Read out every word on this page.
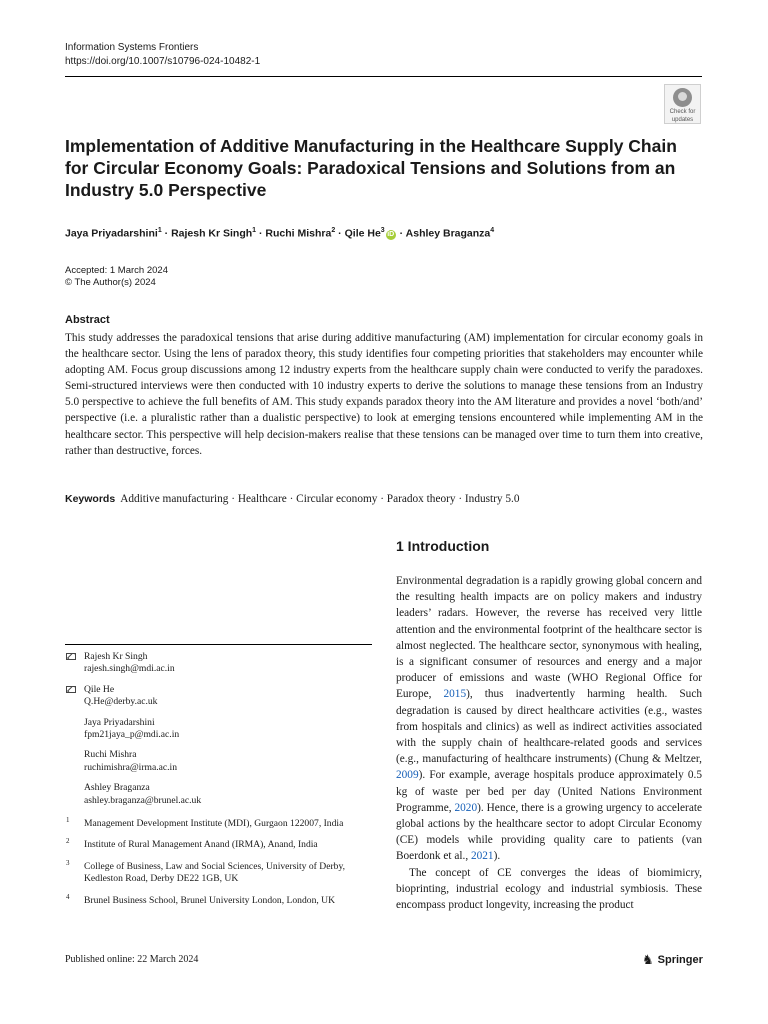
Information Systems Frontiers
https://doi.org/10.1007/s10796-024-10482-1
Check for
updates
Implementation of Additive Manufacturing in the Healthcare Supply Chain for Circular Economy Goals: Paradoxical Tensions and Solutions from an Industry 5.0 Perspective
Jaya Priyadarshini$^1$ · Rajesh Kr Singh$^1$ · Ruchi Mishra$^2$ · Qile He$^3$ iD · Ashley Braganza$^4$
Accepted: 1 March 2024
© The Author(s) 2024
Abstract
This study addresses the paradoxical tensions that arise during additive manufacturing (AM) implementation for circular economy goals in the healthcare sector. Using the lens of paradox theory, this study identifies four competing priorities that stakeholders may encounter while adopting AM. Focus group discussions among 12 industry experts from the healthcare supply chain were conducted to verify the paradoxes. Semi-structured interviews were then conducted with 10 industry experts to derive the solutions to manage these tensions from an Industry 5.0 perspective to achieve the full benefits of AM. This study expands paradox theory into the AM literature and provides a novel ‘both/and’ perspective (i.e. a pluralistic rather than a dualistic perspective) to look at emerging tensions encountered while implementing AM in the healthcare sector. This perspective will help decision-makers realise that these tensions can be managed over time to turn them into creative, rather than destructive, forces.
Keywords Additive manufacturing · Healthcare · Circular economy · Paradox theory · Industry 5.0
1 Introduction

Environmental degradation is a rapidly growing global concern and the resulting health impacts are on policy makers and industry leaders’ radars. However, the reverse has received very little attention and the environmental footprint of the healthcare sector is almost neglected. The healthcare sector, synonymous with healing, is a significant consumer of resources and energy and a major producer of emissions and waste (WHO Regional Office for Europe, 2015), thus inadvertently harming health. Such degradation is caused by direct healthcare activities (e.g., wastes from hospitals and clinics) as well as indirect activities associated with the supply chain of healthcare-related goods and services (e.g., manufacturing of healthcare instruments) (Chung & Meltzer, 2009). For example, average hospitals produce approximately 0.5 kg of waste per bed per day (United Nations Environment Programme, 2020). Hence, there is a growing urgency to accelerate global actions by the healthcare sector to adopt Circular Economy (CE) models while providing quality care to patients (van Boerdonk et al., 2021).

The concept of CE converges the ideas of biomimicry, bioprinting, industrial ecology and industrial symbiosis. These encompass product longevity, increasing the product

Rajesh Kr Singh
rajesh.singh@mdi.ac.in
Qile He
Q.He@derby.ac.uk
Jaya Priyadarshini
fpm21jaya_p@mdi.ac.in
Ruchi Mishra
ruchimishra@irma.ac.in
Ashley Braganza
ashley.braganza@brunel.ac.uk
1 Management Development Institute (MDI), Gurgaon 122007, India
2 Institute of Rural Management Anand (IRMA), Anand, India
3 College of Business, Law and Social Sciences, University of Derby, Kedleston Road, Derby DE22 1GB, UK
4 Brunel Business School, Brunel University London, London, UK
Published online: 22 March 2024	♞ Springer
